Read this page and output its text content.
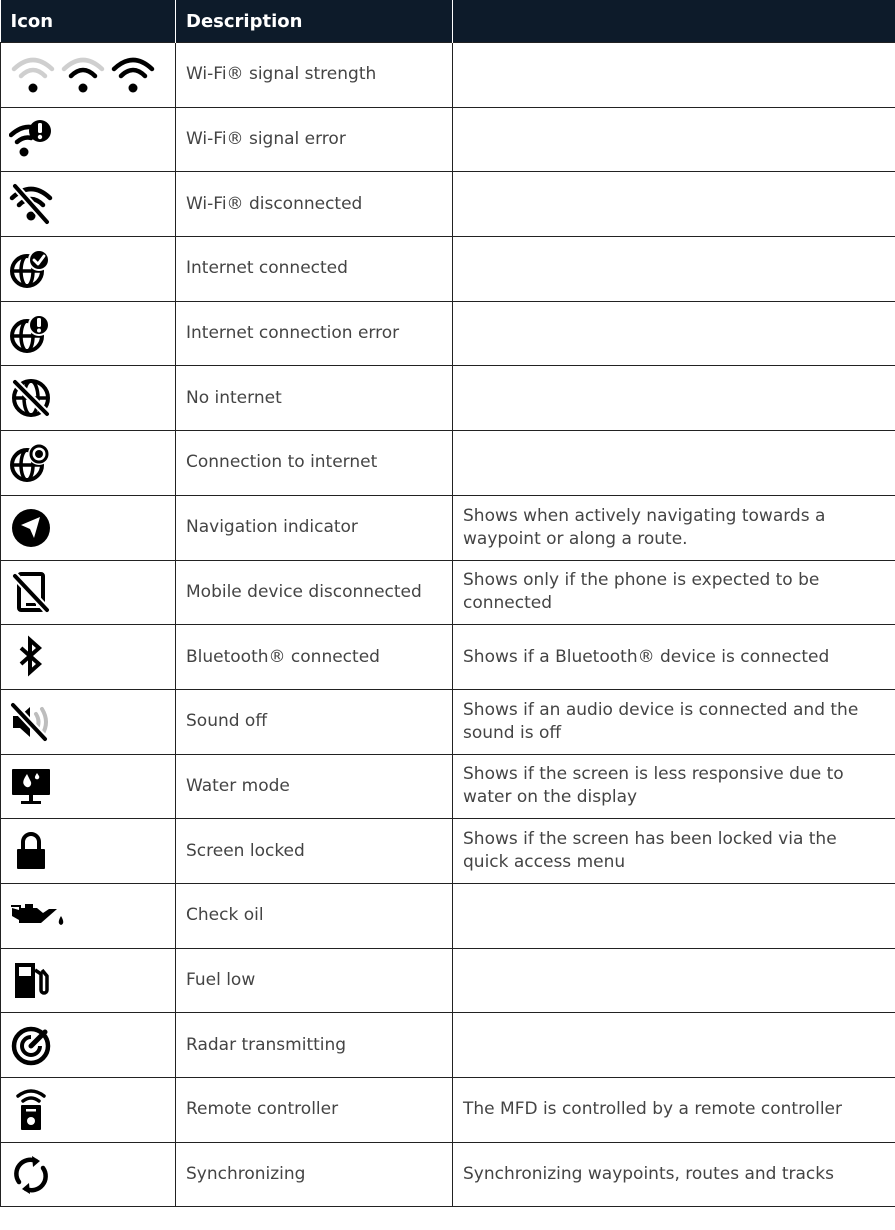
Icon	Description	

	Wi-Fi® signal strength	

	Wi-Fi® signal error	

	Wi-Fi® disconnected	

	Internet connected	

	Internet connection error	

	No internet	

	Connection to internet	

	Navigation indicator	Shows when actively navigating towards a waypoint or along a route.

	Mobile device disconnected	Shows only if the phone is expected to be connected

	Bluetooth® connected	Shows if a Bluetooth® device is connected

	Sound off	Shows if an audio device is connected and the sound is off

	Water mode	Shows if the screen is less responsive due to water on the display

	Screen locked	Shows if the screen has been locked via the quick access menu

	Check oil	

	Fuel low	

	Radar transmitting	

	Remote controller	The MFD is controlled by a remote controller

	Synchronizing	Synchronizing waypoints, routes and tracks
